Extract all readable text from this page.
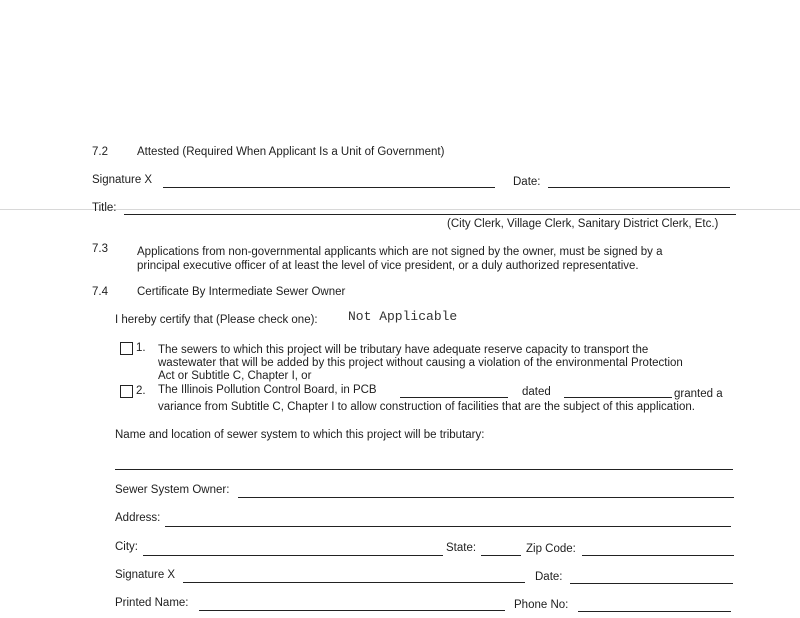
7.2	Attested (Required When Applicant Is a Unit of Government)
Signature X	Date:
Title:
(City Clerk, Village Clerk, Sanitary District Clerk, Etc.)
7.3	Applications from non-governmental applicants which are not signed by the owner, must be signed by a
principal executive officer of at least the level of vice president, or a duly authorized representative.
7.4	Certificate By Intermediate Sewer Owner
I hereby certify that (Please check one): Not Applicable
1. The sewers to which this project will be tributary have adequate reserve capacity to transport the
wastewater that will be added by this project without causing a violation of the environmental Protection
Act or Subtitle C, Chapter I, or
2. The Illinois Pollution Control Board, in PCB	dated	granted a
variance from Subtitle C, Chapter I to allow construction of facilities that are the subject of this application.
Name and location of sewer system to which this project will be tributary:
Sewer System Owner:
Address:
City:	State:	Zip Code:
Signature X	Date:
Printed Name:	Phone No:
